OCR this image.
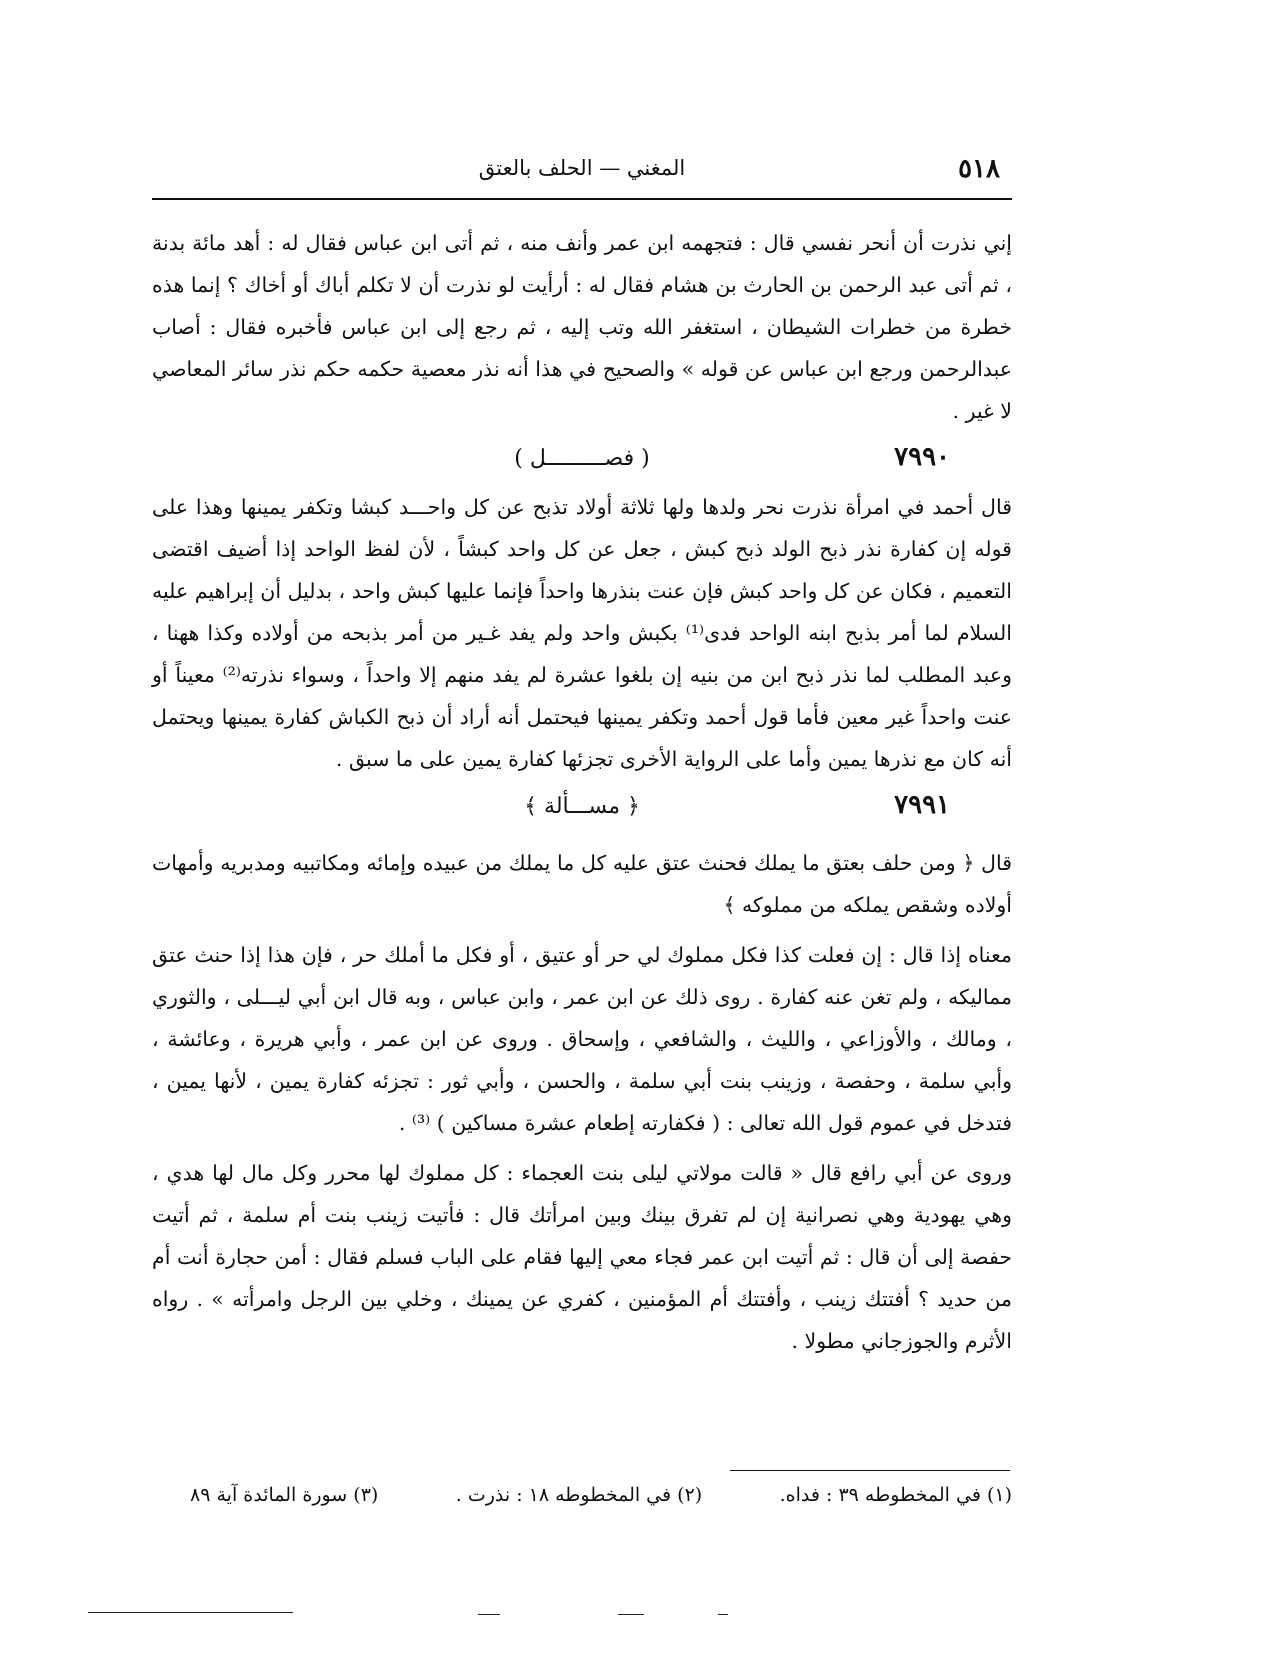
٥١٨
المغني — الحلف بالعتق

إني نذرت أن أنحر نفسي قال : فتجهمه ابن عمر وأنف منه ، ثم أتى ابن عباس فقال له : أهد مائة بدنة ، ثم أتى عبد الرحمن بن الحارث بن هشام فقال له : أرأيت لو نذرت أن لا تكلم أباك أو أخاك ؟ إنما هذه خطرة من خطرات الشيطان ، استغفر الله وتب إليه ، ثم رجع إلى ابن عباس فأخبره فقال : أصاب عبدالرحمن ورجع ابن عباس عن قوله » والصحيح في هذا أنه نذر معصية حكمه حكم نذر سائر المعاصي لا غير .

٧٩٩٠
( فصـــــــــل )

قال أحمد في امرأة نذرت نحر ولدها ولها ثلاثة أولاد تذبح عن كل واحـــد كبشا وتكفر يمينها وهذا على قوله إن كفارة نذر ذبح الولد ذبح كبش ، جعل عن كل واحد كبشاً ، لأن لفظ الواحد إذا أضيف اقتضى التعميم ، فكان عن كل واحد كبش فإن عنت بنذرها واحداً فإنما عليها كبش واحد ، بدليل أن إبراهيم عليه السلام لما أمر بذبح ابنه الواحد فدى⁽¹⁾ بكبش واحد ولم يفد غـير من أمر بذبحه من أولاده وكذا ههنا ، وعبد المطلب لما نذر ذبح ابن من بنيه إن بلغوا عشرة لم يفد منهم إلا واحداً ، وسواء نذرته⁽²⁾ معيناً أو عنت واحداً غير معين فأما قول أحمد وتكفر يمينها فيحتمل أنه أراد أن ذبح الكباش كفارة يمينها ويحتمل أنه كان مع نذرها يمين وأما على الرواية الأخرى تجزئها كفارة يمين على ما سبق .

٧٩٩١
﴿ مســـألة ﴾

قال ﴿ ومن حلف بعتق ما يملك فحنث عتق عليه كل ما يملك من عبيده وإمائه ومكاتبيه ومدبريه وأمهات أولاده وشقص يملكه من مملوكه ﴾

معناه إذا قال : إن فعلت كذا فكل مملوك لي حر أو عتيق ، أو فكل ما أملك حر ، فإن هذا إذا حنث عتق مماليكه ، ولم تغن عنه كفارة . روى ذلك عن ابن عمر ، وابن عباس ، وبه قال ابن أبي ليـــلى ، والثوري ، ومالك ، والأوزاعي ، والليث ، والشافعي ، وإسحاق . وروى عن ابن عمر ، وأبي هريرة ، وعائشة ، وأبي سلمة ، وحفصة ، وزينب بنت أبي سلمة ، والحسن ، وأبي ثور : تجزئه كفارة يمين ، لأنها يمين ، فتدخل في عموم قول الله تعالى : ( فكفارته إطعام عشرة مساكين ) ⁽³⁾ .

وروى عن أبي رافع قال « قالت مولاتي ليلى بنت العجماء : كل مملوك لها محرر وكل مال لها هدي ، وهي يهودية وهي نصرانية إن لم تفرق بينك وبين امرأتك قال : فأتيت زينب بنت أم سلمة ، ثم أتيت حفصة إلى أن قال : ثم أتيت ابن عمر فجاء معي إليها فقام على الباب فسلم فقال : أمن حجارة أنت أم من حديد ؟ أفتتك زينب ، وأفتتك أم المؤمنين ، كفري عن يمينك ، وخلي بين الرجل وامرأته » . رواه الأثرم والجوزجاني مطولا .

(١) في المخطوطه ٣٩ : فداه.
(٢) في المخطوطه ١٨ : نذرت .
(٣) سورة المائدة آية ٨٩
